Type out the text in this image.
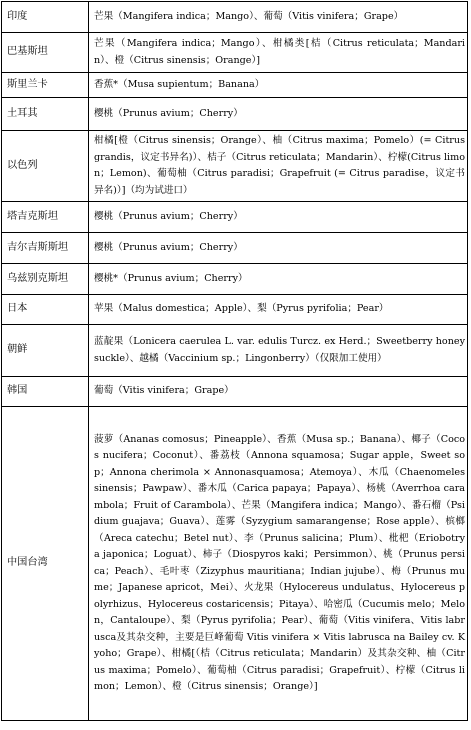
印度	芒果（Mangifera indica；Mango）、葡萄（Vitis vinifera；Grape）
巴基斯坦	芒果（Mangifera indica；Mango）、柑橘类[桔（Citrus reticulata；Mandarin）、橙（Citrus sinensis；Orange）]
斯里兰卡	香蕉*（Musa supientum；Banana）
土耳其	樱桃（Prunus avium；Cherry）
以色列	柑橘[橙（Citrus sinensis；Orange）、柚（Citrus maxima；Pomelo）(= Citrus grandis，议定书异名)）、桔子（Citrus reticulata；Mandarin）、柠檬(Citrus limon；Lemon)、葡萄柚（Citrus paradisi；Grapefruit (= Citrus paradise，议定书异名)）]（均为试进口）
塔吉克斯坦	樱桃（Prunus avium；Cherry）
吉尔吉斯斯坦	樱桃（Prunus avium；Cherry）
乌兹别克斯坦	樱桃*（Prunus avium；Cherry）
日本	苹果（Malus domestica；Apple）、梨（Pyrus pyrifolia；Pear）
朝鲜	蓝靛果（Lonicera caerulea L. var. edulis Turcz. ex Herd.；Sweetberry honeysuckle）、越橘（Vaccinium sp.；Lingonberry）（仅限加工使用）
韩国	葡萄（Vitis vinifera；Grape）
中国台湾	菠萝（Ananas comosus；Pineapple）、香蕉（Musa sp.；Banana）、椰子（Cocos nucifera；Coconut）、番荔枝（Annona squamosa；Sugar apple，Sweet sop；Annona cherimola × Annonasquamosa；Atemoya）、木瓜（Chaenomeles sinensis；Pawpaw）、番木瓜（Carica papaya；Papaya）、杨桃（Averrhoa carambola；Fruit of Carambola）、芒果（Mangifera indica；Mango）、番石榴（Psidium guajava；Guava）、莲雾（Syzygium samarangense；Rose apple）、槟榔（Areca catechu；Betel nut）、李（Prunus salicina；Plum）、枇杷（Eriobotrya japonica；Loguat）、柿子（Diospyros kaki；Persimmon）、桃（Prunus persica；Peach）、毛叶枣（Zizyphus mauritiana；Indian jujube）、梅（Prunus mume；Japanese apricot，Mei）、火龙果（Hylocereus undulatus、Hylocereus polyrhizus、Hylocereus costaricensis；Pitaya）、哈密瓜（Cucumis melo；Melon，Cantaloupe）、梨（Pyrus pyrifolia；Pear）、葡萄（Vitis vinifera、Vitis labrusca及其杂交种，主要是巨峰葡萄 Vitis vinifera × Vitis labrusca na Bailey cv. Kyoho；Grape）、柑橘[（桔（Citrus reticulata；Mandarin）及其杂交种、柚（Citrus maxima；Pomelo）、葡萄柚（Citrus paradisi；Grapefruit）、柠檬（Citrus limon；Lemon）、橙（Citrus sinensis；Orange）]
